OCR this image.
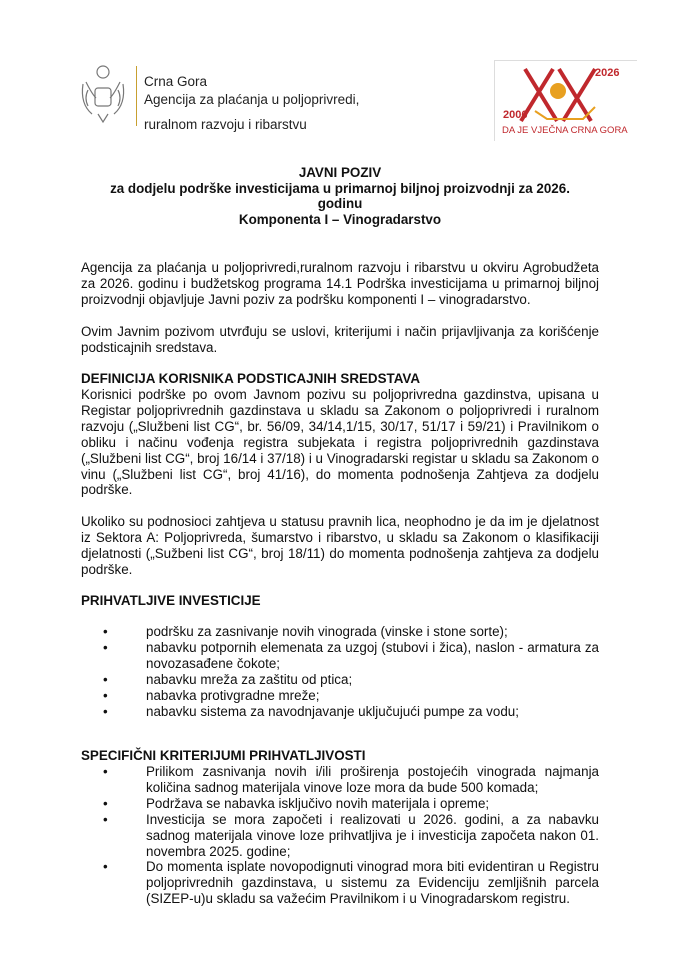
Crna Gora
Agencija za plaćanja u poljoprivredi,
ruralnom razvoju i ribarstvu
2026
2006
DA JE VJEČNA CRNA GORA
JAVNI POZIV
za dodjelu podrške investicijama u primarnoj biljnoj proizvodnji za 2026.
godinu
Komponenta I – Vinogradarstvo
Agencija za plaćanja u poljoprivredi,ruralnom razvoju i ribarstvu u okviru Agrobudžeta za 2026. godinu i budžetskog programa 14.1 Podrška investicijama u primarnoj biljnoj proizvodnji objavljuje Javni poziv za podršku komponenti I – vinogradarstvo.
Ovim Javnim pozivom utvrđuju se uslovi, kriterijumi i način prijavljivanja za korišćenje podsticajnih sredstava.
DEFINICIJA KORISNIKA PODSTICAJNIH SREDSTAVA
Korisnici podrške po ovom Javnom pozivu su poljoprivredna gazdinstva, upisana u Registar poljoprivrednih gazdinstava u skladu sa Zakonom o poljoprivredi i ruralnom razvoju („Službeni list CG“, br. 56/09, 34/14,1/15, 30/17, 51/17 i 59/21) i Pravilnikom o obliku i načinu vođenja registra subjekata i registra poljoprivrednih gazdinstava („Službeni list CG“, broj 16/14 i 37/18) i u Vinogradarski registar u skladu sa Zakonom o vinu („Službeni list CG“, broj 41/16), do momenta podnošenja Zahtjeva za dodjelu podrške.
Ukoliko su podnosioci zahtjeva u statusu pravnih lica, neophodno je da im je djelatnost iz Sektora A: Poljoprivreda, šumarstvo i ribarstvo, u skladu sa Zakonom o klasifikaciji djelatnosti („Sužbeni list CG“, broj 18/11) do momenta podnošenja zahtjeva za dodjelu podrške.
PRIHVATLJIVE INVESTICIJE
• podršku za zasnivanje novih vinograda (vinske i stone sorte);
• nabavku potpornih elemenata za uzgoj (stubovi i žica), naslon - armatura za novozasađene čokote;
• nabavku mreža za zaštitu od ptica;
• nabavka protivgradne mreže;
• nabavku sistema za navodnjavanje uključujući pumpe za vodu;
SPECIFIČNI KRITERIJUMI PRIHVATLJIVOSTI
• Prilikom zasnivanja novih i/ili proširenja postojećih vinograda najmanja količina sadnog materijala vinove loze mora da bude 500 komada;
• Podržava se nabavka isključivo novih materijala i opreme;
• Investicija se mora započeti i realizovati u 2026. godini, a za nabavku sadnog materijala vinove loze prihvatljiva je i investicija započeta nakon 01. novembra 2025. godine;
• Do momenta isplate novopodignuti vinograd mora biti evidentiran u Registru poljoprivrednih gazdinstava, u sistemu za Evidenciju zemljišnih parcela (SIZEP-u)u skladu sa važećim Pravilnikom i u Vinogradarskom registru.
